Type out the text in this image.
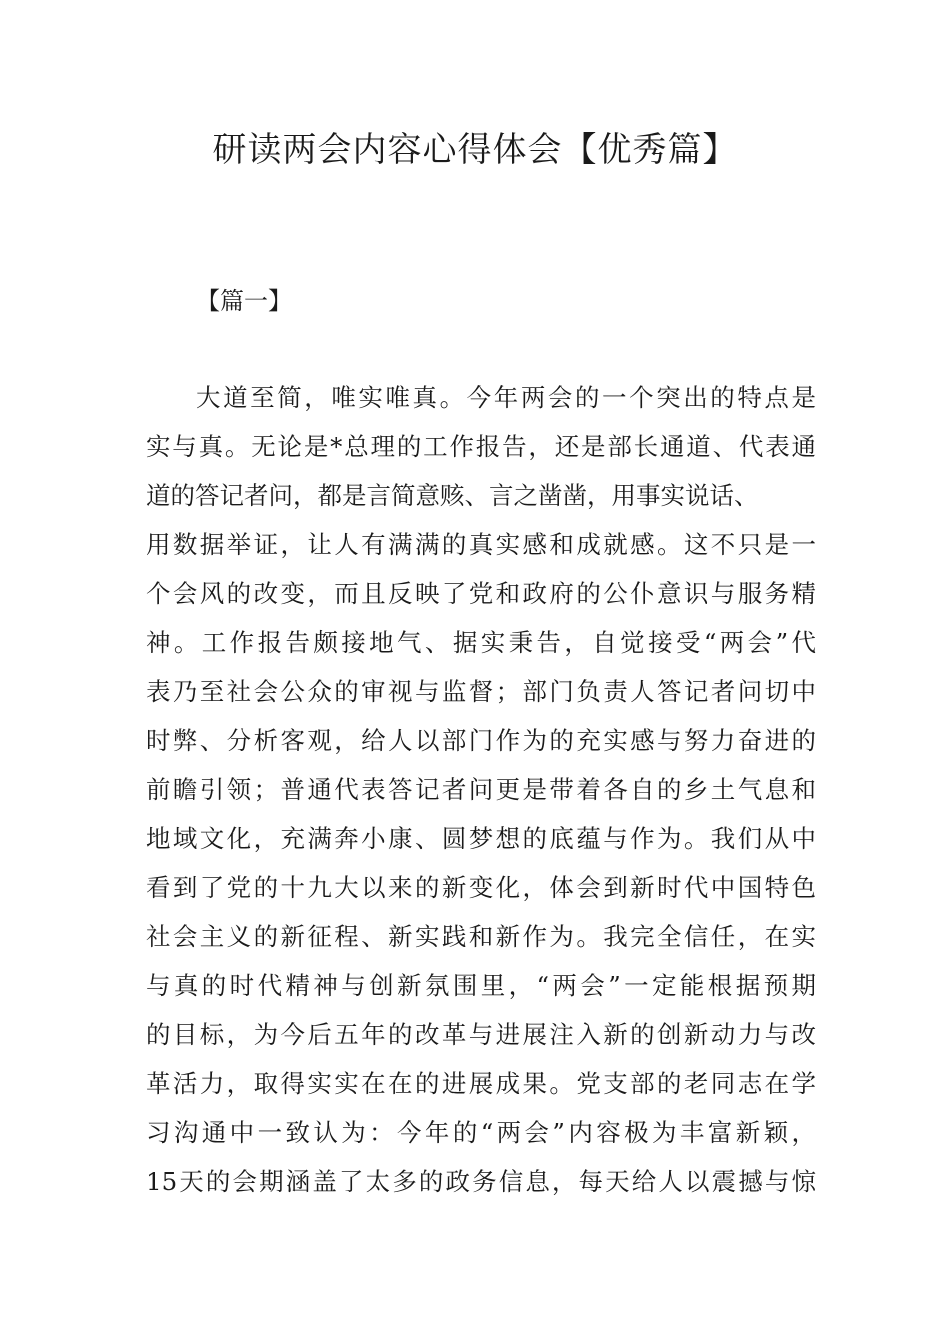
研读两会内容心得体会【优秀篇】

【篇一】

大道至简，唯实唯真。今年两会的一个突出的特点是
实与真。无论是*总理的工作报告，还是部长通道、代表通
道的答记者问，都是言简意赅、言之凿凿，用事实说话、
用数据举证，让人有满满的真实感和成就感。这不只是一
个会风的改变，而且反映了党和政府的公仆意识与服务精
神。工作报告颇接地气、据实秉告，自觉接受“两会”代
表乃至社会公众的审视与监督；部门负责人答记者问切中
时弊、分析客观，给人以部门作为的充实感与努力奋进的
前瞻引领；普通代表答记者问更是带着各自的乡土气息和
地域文化，充满奔小康、圆梦想的底蕴与作为。我们从中
看到了党的十九大以来的新变化，体会到新时代中国特色
社会主义的新征程、新实践和新作为。我完全信任，在实
与真的时代精神与创新氛围里，“两会”一定能根据预期
的目标，为今后五年的改革与进展注入新的创新动力与改
革活力，取得实实在在的进展成果。党支部的老同志在学
习沟通中一致认为：今年的“两会”内容极为丰富新颖，
15天的会期涵盖了太多的政务信息，每天给人以震撼与惊
